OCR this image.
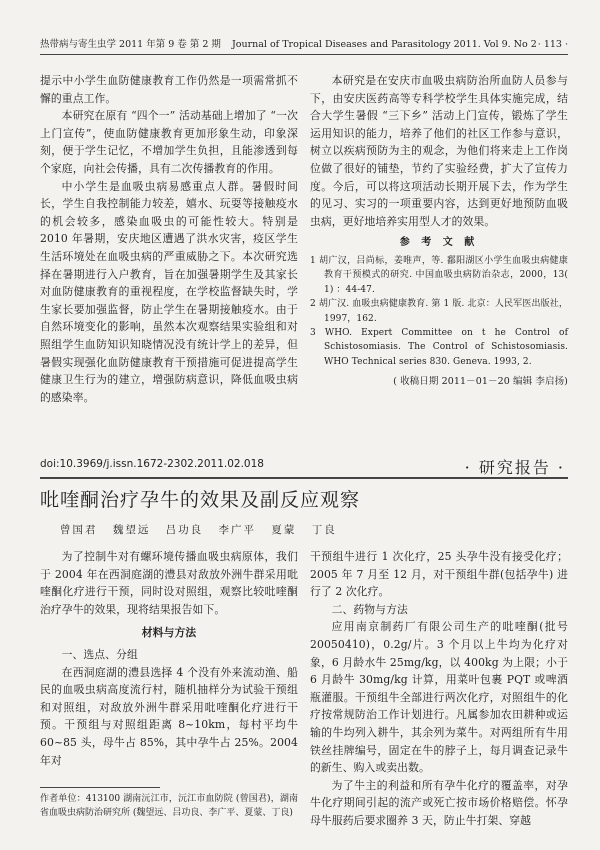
热带病与寄生虫学 2011 年第 9 卷 第 2 期 Journal of Tropical Diseases and Parasitology 2011. Vol 9. No 2 · 113 ·

提示中小学生血防健康教育工作仍然是一项需常抓不懈的重点工作。

本研究在原有 “四个一” 活动基础上增加了 “一次上门宣传”，使血防健康教育更加形象生动，印象深刻，便于学生记忆，不增加学生负担，且能渗透到每个家庭，向社会传播，具有二次传播教育的作用。

中小学生是血吸虫病易感重点人群。暑假时间长，学生自我控制能力较差，嬉水、玩耍等接触疫水的机会较多，感染血吸虫的可能性较大。特别是 2010 年暑期，安庆地区遭遇了洪水灾害，疫区学生生活环境处在血吸虫病的严重威胁之下。本次研究选择在暑期进行入户教育，旨在加强暑期学生及其家长对血防健康教育的重视程度，在学校监督缺失时，学生家长要加强监督，防止学生在暑期接触疫水。由于自然环境变化的影响，虽然本次观察结果实验组和对照组学生血防知识知晓情况没有统计学上的差异，但暑假实现强化血防健康教育干预措施可促进提高学生健康卫生行为的建立，增强防病意识，降低血吸虫病的感染率。

本研究是在安庆市血吸虫病防治所血防人员参与下，由安庆医药高等专科学校学生具体实施完成，结合大学生暑假 “三下乡” 活动上门宣传，锻炼了学生运用知识的能力，培养了他们的社区工作参与意识，树立以疾病预防为主的观念，为他们将来走上工作岗位做了很好的铺垫，节约了实验经费，扩大了宣传力度。今后，可以将这项活动长期开展下去，作为学生的见习、实习的一项重要内容，达到更好地预防血吸虫病，更好地培养实用型人才的效果。

参 考 文 献

1 胡广汉，吕尚标，姜唯声，等. 鄱阳湖区小学生血吸虫病健康教育干预模式的研究. 中国血吸虫病防治杂志，2000，13( 1) ：44-47.

2 胡广汉. 血吸虫病健康教育. 第 1 版. 北京：人民军医出版社，1997，162.

3 WHO. Expert Committee on t he Control of Schistosomiasis. The Control of Schistosomiasis. WHO Technical series 830. Geneva. 1993, 2.

( 收稿日期 2011－01－20 编辑 李启扬)
doi:10.3969/j.issn.1672-2302.2011.02.018	· 研究报告 ·
吡喹酮治疗孕牛的效果及副反应观察
曾国君 魏望远 吕功良 李广平 夏蒙 丁良

为了控制牛对有螺环境传播血吸虫病原体，我们于 2004 年在西洞庭湖的澧县对敌放外洲牛群采用吡喹酮化疗进行干预，同时设对照组，观察比较吡喹酮治疗孕牛的效果，现将结果报告如下。

材料与方法

一、选点、分组

在西洞庭湖的澧县选择 4 个没有外来流动渔、船民的血吸虫病高度流行村，随机抽样分为试验干预组和对照组，对敌放外洲牛群采用吡喹酮化疗进行干预。干预组与对照组距离 8~10km，每村平均牛 60~85 头，母牛占 85%，其中孕牛占 25%。2004 年对

干预组牛进行 1 次化疗，25 头孕牛没有接受化疗；2005 年 7 月至 12 月，对干预组牛群(包括孕牛) 进行了 2 次化疗。

二、药物与方法

应用南京制药厂有限公司生产的吡喹酮(批号 20050410)，0.2g/片。3 个月以上牛均为化疗对象，6 月龄水牛 25mg/kg，以 400kg 为上限；小于 6 月龄牛 30mg/kg 计算，用菜叶包裹 PQT 或啤酒瓶灌服。干预组牛全部进行两次化疗，对照组牛的化疗按常规防治工作计划进行。凡属参加农田耕种或运输的牛均列入耕牛，其余列为菜牛。对两组所有牛用铁丝挂牌编号，固定在牛的脖子上，每月调查记录牛的新生、购入或卖出数。

为了牛主的利益和所有孕牛化疗的覆盖率，对孕牛化疗期间引起的流产或死亡按市场价格赔偿。怀孕母牛服药后要求圈养 3 天，防止牛打架、穿越

作者单位：413100 湖南沅江市，沅江市血防院 (曾国君)，湖南省血吸虫病防治研究所 (魏望远、吕功良、李广平、夏蒙、丁良)
